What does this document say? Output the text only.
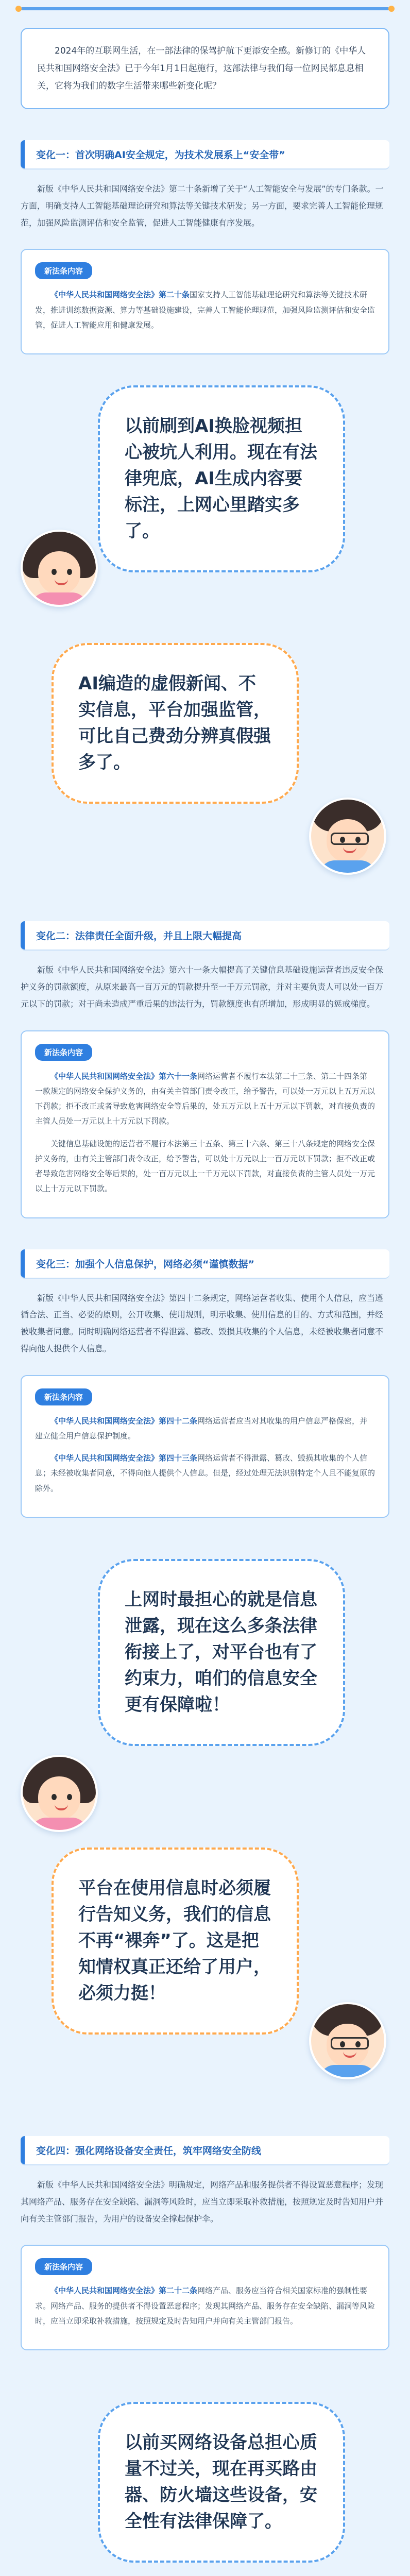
2024年的互联网生活，在一部法律的保驾护航下更添安全感。新修订的《中华人民共和国网络安全法》已于今年1月1日起施行，这部法律与我们每一位网民都息息相关，它将为我们的数字生活带来哪些新变化呢？
变化一：首次明确AI安全规定，为技术发展系上“安全带”
新版《中华人民共和国网络安全法》第二十条新增了关于“人工智能安全与发展”的专门条款。一方面，明确支持人工智能基础理论研究和算法等关键技术研发；另一方面，要求完善人工智能伦理规范，加强风险监测评估和安全监管，促进人工智能健康有序发展。
新法条内容
《中华人民共和国网络安全法》第二十条国家支持人工智能基础理论研究和算法等关键技术研发，推进训练数据资源、算力等基础设施建设，完善人工智能伦理规范，加强风险监测评估和安全监管，促进人工智能应用和健康发展。
以前刷到AI换脸视频担心被坑人利用。现在有法律兜底，AI生成内容要标注，上网心里踏实多了。
AI编造的虚假新闻、不实信息，平台加强监管，可比自己费劲分辨真假强多了。
变化二：法律责任全面升级，并且上限大幅提高
新版《中华人民共和国网络安全法》第六十一条大幅提高了关键信息基础设施运营者违反安全保护义务的罚款额度，从原来最高一百万元的罚款提升至一千万元罚款，并对主要负责人可以处一百万元以下的罚款；对于尚未造成严重后果的违法行为，罚款额度也有所增加，形成明显的惩戒梯度。
新法条内容
《中华人民共和国网络安全法》第六十一条网络运营者不履行本法第二十三条、第二十四条第一款规定的网络安全保护义务的，由有关主管部门责令改正，给予警告，可以处一万元以上五万元以下罚款；拒不改正或者导致危害网络安全等后果的，处五万元以上五十万元以下罚款，对直接负责的主管人员处一万元以上十万元以下罚款。
关键信息基础设施的运营者不履行本法第三十五条、第三十六条、第三十八条规定的网络安全保护义务的，由有关主管部门责令改正，给予警告，可以处十万元以上一百万元以下罚款；拒不改正或者导致危害网络安全等后果的，处一百万元以上一千万元以下罚款，对直接负责的主管人员处一万元以上十万元以下罚款。
变化三：加强个人信息保护，网络必须“谨慎数据”
新版《中华人民共和国网络安全法》第四十二条规定，网络运营者收集、使用个人信息，应当遵循合法、正当、必要的原则，公开收集、使用规则，明示收集、使用信息的目的、方式和范围，并经被收集者同意。同时明确网络运营者不得泄露、篡改、毁损其收集的个人信息，未经被收集者同意不得向他人提供个人信息。
新法条内容
《中华人民共和国网络安全法》第四十二条网络运营者应当对其收集的用户信息严格保密，并建立健全用户信息保护制度。
《中华人民共和国网络安全法》第四十三条网络运营者不得泄露、篡改、毁损其收集的个人信息；未经被收集者同意，不得向他人提供个人信息。但是，经过处理无法识别特定个人且不能复原的除外。
上网时最担心的就是信息泄露，现在这么多条法律衔接上了，对平台也有了约束力，咱们的信息安全更有保障啦！
平台在使用信息时必须履行告知义务，我们的信息不再“裸奔”了。这是把知情权真正还给了用户，必须力挺！
变化四：强化网络设备安全责任，筑牢网络安全防线
新版《中华人民共和国网络安全法》明确规定，网络产品和服务提供者不得设置恶意程序；发现其网络产品、服务存在安全缺陷、漏洞等风险时，应当立即采取补救措施，按照规定及时告知用户并向有关主管部门报告，为用户的设备安全撑起保护伞。
新法条内容
《中华人民共和国网络安全法》第二十二条网络产品、服务应当符合相关国家标准的强制性要求。网络产品、服务的提供者不得设置恶意程序；发现其网络产品、服务存在安全缺陷、漏洞等风险时，应当立即采取补救措施，按照规定及时告知用户并向有关主管部门报告。
以前买网络设备总担心质量不过关，现在再买路由器、防火墙这些设备，安全性有法律保障了。
